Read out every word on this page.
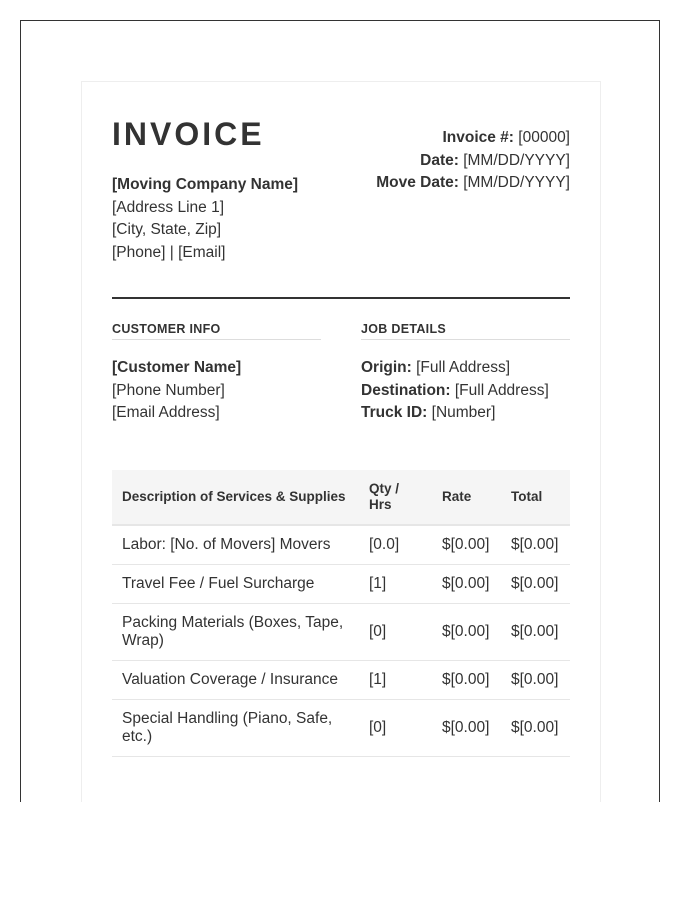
INVOICE
[Moving Company Name]
[Address Line 1]
[City, State, Zip]
[Phone] | [Email]
Invoice #: [00000]
Date: [MM/DD/YYYY]
Move Date: [MM/DD/YYYY]
CUSTOMER INFO
[Customer Name]
[Phone Number]
[Email Address]
JOB DETAILS
Origin: [Full Address]
Destination: [Full Address]
Truck ID: [Number]
Description of Services & Supplies	Qty / Hrs	Rate	Total
Labor: [No. of Movers] Movers	[0.0]	$[0.00]	$[0.00]
Travel Fee / Fuel Surcharge	[1]	$[0.00]	$[0.00]
Packing Materials (Boxes, Tape, Wrap)	[0]	$[0.00]	$[0.00]
Valuation Coverage / Insurance	[1]	$[0.00]	$[0.00]
Special Handling (Piano, Safe, etc.)	[0]	$[0.00]	$[0.00]
